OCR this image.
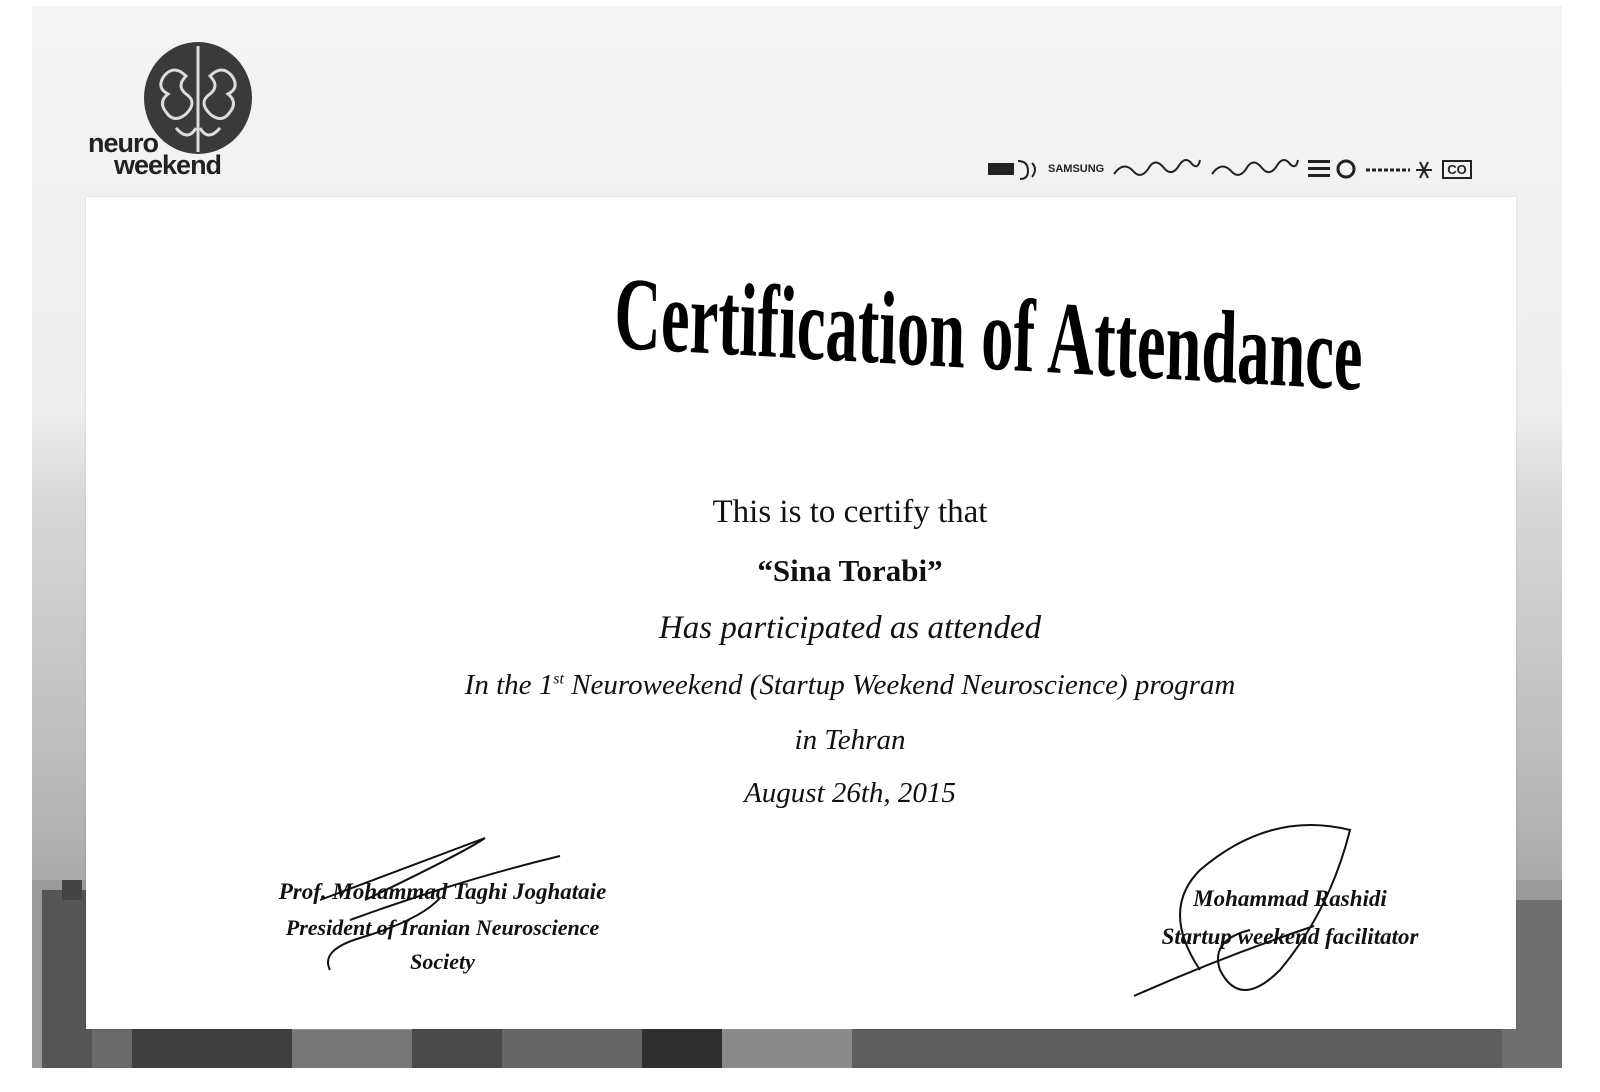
neuro
weekend	SAMSUNG	CO
Certification of Attendance
This is to certify that
“Sina Torabi”
Has participated as attended
In the 1st Neuroweekend (Startup Weekend Neuroscience) program
in Tehran
August 26th, 2015
Prof. Mohammad Taghi Joghataie
President of Iranian Neuroscience
Society
Mohammad Rashidi
Startup weekend facilitator
